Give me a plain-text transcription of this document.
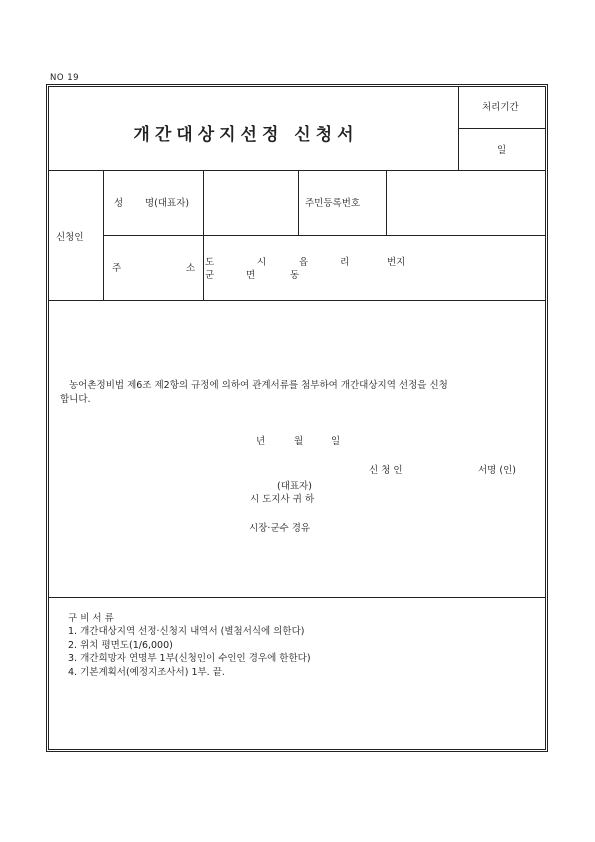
NO 19
개간대상지선정 신청서
처리기간
일
신청인
성 명(대표자)	주민등록번호
주	소
도	시	읍	리	번지
군	면	동
농어촌정비법 제6조 제2항의 규정에 의하여 관계서류를 첨부하여 개간대상지역 선정을 신청
합니다.
년	월	일
신 청 인	서명 (인)
(대표자)
시 도지사 귀 하
시장·군수 경유
구 비 서 류
1. 개간대상지역 선정·신청지 내역서 (별첨서식에 의한다)
2. 위치 평면도(1/6,000)
3. 개간희망자 연명부 1부(신청인이 수인인 경우에 한한다)
4. 기본계획서(예정지조사서) 1부. 끝.
